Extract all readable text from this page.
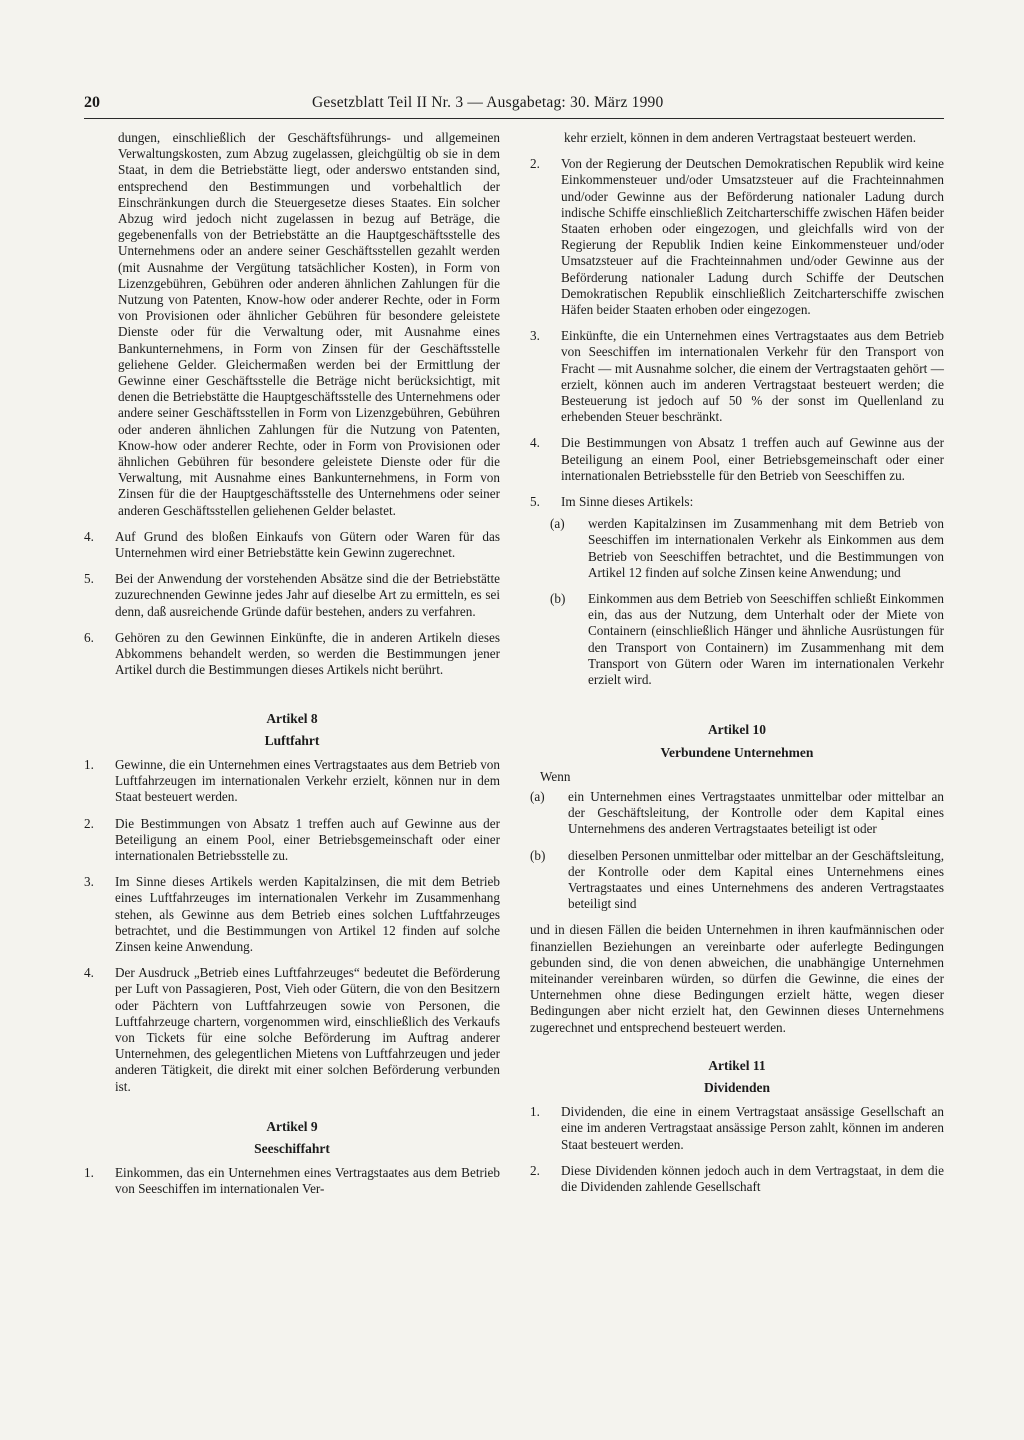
20	Gesetzblatt Teil II Nr. 3 — Ausgabetag: 30. März 1990

dungen, einschließlich der Geschäftsführungs- und allgemeinen Verwaltungskosten, zum Abzug zugelassen, gleichgültig ob sie in dem Staat, in dem die Betriebstätte liegt, oder anderswo entstanden sind, entsprechend den Bestimmungen und vorbehaltlich der Einschränkungen durch die Steuergesetze dieses Staates. Ein solcher Abzug wird jedoch nicht zugelassen in bezug auf Beträge, die gegebenenfalls von der Betriebstätte an die Hauptgeschäftsstelle des Unternehmens oder an andere seiner Geschäftsstellen gezahlt werden (mit Ausnahme der Vergütung tatsächlicher Kosten), in Form von Lizenzgebühren, Gebühren oder anderen ähnlichen Zahlungen für die Nutzung von Patenten, Know-how oder anderer Rechte, oder in Form von Provisionen oder ähnlicher Gebühren für besondere geleistete Dienste oder für die Verwaltung oder, mit Ausnahme eines Bankunternehmens, in Form von Zinsen für der Geschäftsstelle geliehene Gelder. Gleichermaßen werden bei der Ermittlung der Gewinne einer Geschäftsstelle die Beträge nicht berücksichtigt, mit denen die Betriebstätte die Hauptgeschäftsstelle des Unternehmens oder andere seiner Geschäftsstellen in Form von Lizenzgebühren, Gebühren oder anderen ähnlichen Zahlungen für die Nutzung von Patenten, Know-how oder anderer Rechte, oder in Form von Provisionen oder ähnlichen Gebühren für besondere geleistete Dienste oder für die Verwaltung, mit Ausnahme eines Bankunternehmens, in Form von Zinsen für die der Hauptgeschäftsstelle des Unternehmens oder seiner anderen Geschäftsstellen geliehenen Gelder belastet.

4.	Auf Grund des bloßen Einkaufs von Gütern oder Waren für das Unternehmen wird einer Betriebstätte kein Gewinn zugerechnet.
5.	Bei der Anwendung der vorstehenden Absätze sind die der Betriebstätte zuzurechnenden Gewinne jedes Jahr auf dieselbe Art zu ermitteln, es sei denn, daß ausreichende Gründe dafür bestehen, anders zu verfahren.
6.	Gehören zu den Gewinnen Einkünfte, die in anderen Artikeln dieses Abkommens behandelt werden, so werden die Bestimmungen jener Artikel durch die Bestimmungen dieses Artikels nicht berührt.
Artikel 8
Luftfahrt
1.	Gewinne, die ein Unternehmen eines Vertragstaates aus dem Betrieb von Luftfahrzeugen im internationalen Verkehr erzielt, können nur in dem Staat besteuert werden.
2.	Die Bestimmungen von Absatz 1 treffen auch auf Gewinne aus der Beteiligung an einem Pool, einer Betriebsgemeinschaft oder einer internationalen Betriebsstelle zu.
3.	Im Sinne dieses Artikels werden Kapitalzinsen, die mit dem Betrieb eines Luftfahrzeuges im internationalen Verkehr im Zusammenhang stehen, als Gewinne aus dem Betrieb eines solchen Luftfahrzeuges betrachtet, und die Bestimmungen von Artikel 12 finden auf solche Zinsen keine Anwendung.
4.	Der Ausdruck „Betrieb eines Luftfahrzeuges“ bedeutet die Beförderung per Luft von Passagieren, Post, Vieh oder Gütern, die von den Besitzern oder Pächtern von Luftfahrzeugen sowie von Personen, die Luftfahrzeuge chartern, vorgenommen wird, einschließlich des Verkaufs von Tickets für eine solche Beförderung im Auftrag anderer Unternehmen, des gelegentlichen Mietens von Luftfahrzeugen und jeder anderen Tätigkeit, die direkt mit einer solchen Beförderung verbunden ist.
Artikel 9
Seeschiffahrt
1.	Einkommen, das ein Unternehmen eines Vertragstaates aus dem Betrieb von Seeschiffen im internationalen Ver-

kehr erzielt, können in dem anderen Vertragstaat besteuert werden.

2.	Von der Regierung der Deutschen Demokratischen Republik wird keine Einkommensteuer und/oder Umsatzsteuer auf die Frachteinnahmen und/oder Gewinne aus der Beförderung nationaler Ladung durch indische Schiffe einschließlich Zeitcharterschiffe zwischen Häfen beider Staaten erhoben oder eingezogen, und gleichfalls wird von der Regierung der Republik Indien keine Einkommensteuer und/oder Umsatzsteuer auf die Frachteinnahmen und/oder Gewinne aus der Beförderung nationaler Ladung durch Schiffe der Deutschen Demokratischen Republik einschließlich Zeitcharterschiffe zwischen Häfen beider Staaten erhoben oder eingezogen.
3.	Einkünfte, die ein Unternehmen eines Vertragstaates aus dem Betrieb von Seeschiffen im internationalen Verkehr für den Transport von Fracht — mit Ausnahme solcher, die einem der Vertragstaaten gehört — erzielt, können auch im anderen Vertragstaat besteuert werden; die Besteuerung ist jedoch auf 50 % der sonst im Quellenland zu erhebenden Steuer beschränkt.
4.	Die Bestimmungen von Absatz 1 treffen auch auf Gewinne aus der Beteiligung an einem Pool, einer Betriebsgemeinschaft oder einer internationalen Betriebsstelle für den Betrieb von Seeschiffen zu.
5.	Im Sinne dieses Artikels:
(a)	werden Kapitalzinsen im Zusammenhang mit dem Betrieb von Seeschiffen im internationalen Verkehr als Einkommen aus dem Betrieb von Seeschiffen betrachtet, und die Bestimmungen von Artikel 12 finden auf solche Zinsen keine Anwendung; und
(b)	Einkommen aus dem Betrieb von Seeschiffen schließt Einkommen ein, das aus der Nutzung, dem Unterhalt oder der Miete von Containern (einschließlich Hänger und ähnliche Ausrüstungen für den Transport von Containern) im Zusammenhang mit dem Transport von Gütern oder Waren im internationalen Verkehr erzielt wird.
Artikel 10
Verbundene Unternehmen
Wenn
(a)	ein Unternehmen eines Vertragstaates unmittelbar oder mittelbar an der Geschäftsleitung, der Kontrolle oder dem Kapital eines Unternehmens des anderen Vertragstaates beteiligt ist oder
(b)	dieselben Personen unmittelbar oder mittelbar an der Geschäftsleitung, der Kontrolle oder dem Kapital eines Unternehmens eines Vertragstaates und eines Unternehmens des anderen Vertragstaates beteiligt sind

und in diesen Fällen die beiden Unternehmen in ihren kaufmännischen oder finanziellen Beziehungen an vereinbarte oder auferlegte Bedingungen gebunden sind, die von denen abweichen, die unabhängige Unternehmen miteinander vereinbaren würden, so dürfen die Gewinne, die eines der Unternehmen ohne diese Bedingungen erzielt hätte, wegen dieser Bedingungen aber nicht erzielt hat, den Gewinnen dieses Unternehmens zugerechnet und entsprechend besteuert werden.

Artikel 11
Dividenden
1.	Dividenden, die eine in einem Vertragstaat ansässige Gesellschaft an eine im anderen Vertragstaat ansässige Person zahlt, können im anderen Staat besteuert werden.
2.	Diese Dividenden können jedoch auch in dem Vertragstaat, in dem die die Dividenden zahlende Gesellschaft
